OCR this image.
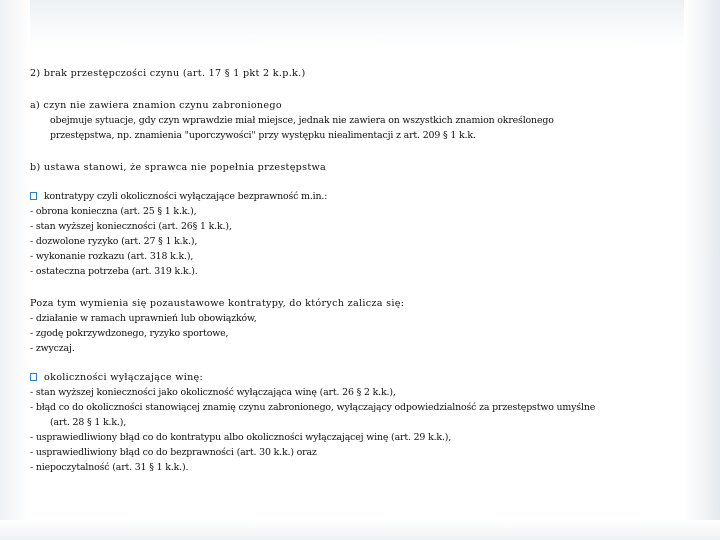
2) brak przestępczości czynu (art. 17 § 1 pkt 2 k.p.k.)
a) czyn nie zawiera znamion czynu zabronionego
obejmuje sytuacje, gdy czyn wprawdzie miał miejsce, jednak nie zawiera on wszystkich znamion określonego
przestępstwa, np. znamienia "uporczywości" przy występku niealimentacji z art. 209 § 1 k.k.
b) ustawa stanowi, że sprawca nie popełnia przestępstwa
kontratypy czyli okoliczności wyłączające bezprawność m.in.:
- obrona konieczna (art. 25 § 1 k.k.),
- stan wyższej konieczności (art. 26§ 1 k.k.),
- dozwolone ryzyko (art. 27 § 1 k.k.),
- wykonanie rozkazu (art. 318 k.k.),
- ostateczna potrzeba (art. 319 k.k.).
Poza tym wymienia się pozaustawowe kontratypy, do których zalicza się:
- działanie w ramach uprawnień lub obowiązków,
- zgodę pokrzywdzonego, ryzyko sportowe,
- zwyczaj.
okoliczności wyłączające winę:
- stan wyższej konieczności jako okoliczność wyłączająca winę (art. 26 § 2 k.k.),
- błąd co do okoliczności stanowiącej znamię czynu zabronionego, wyłączający odpowiedzialność za przestępstwo umyślne
(art. 28 § 1 k.k.),
- usprawiedliwiony błąd co do kontratypu albo okoliczności wyłączającej winę (art. 29 k.k.),
- usprawiedliwiony błąd co do bezprawności (art. 30 k.k.) oraz
- niepoczytalność (art. 31 § 1 k.k.).
